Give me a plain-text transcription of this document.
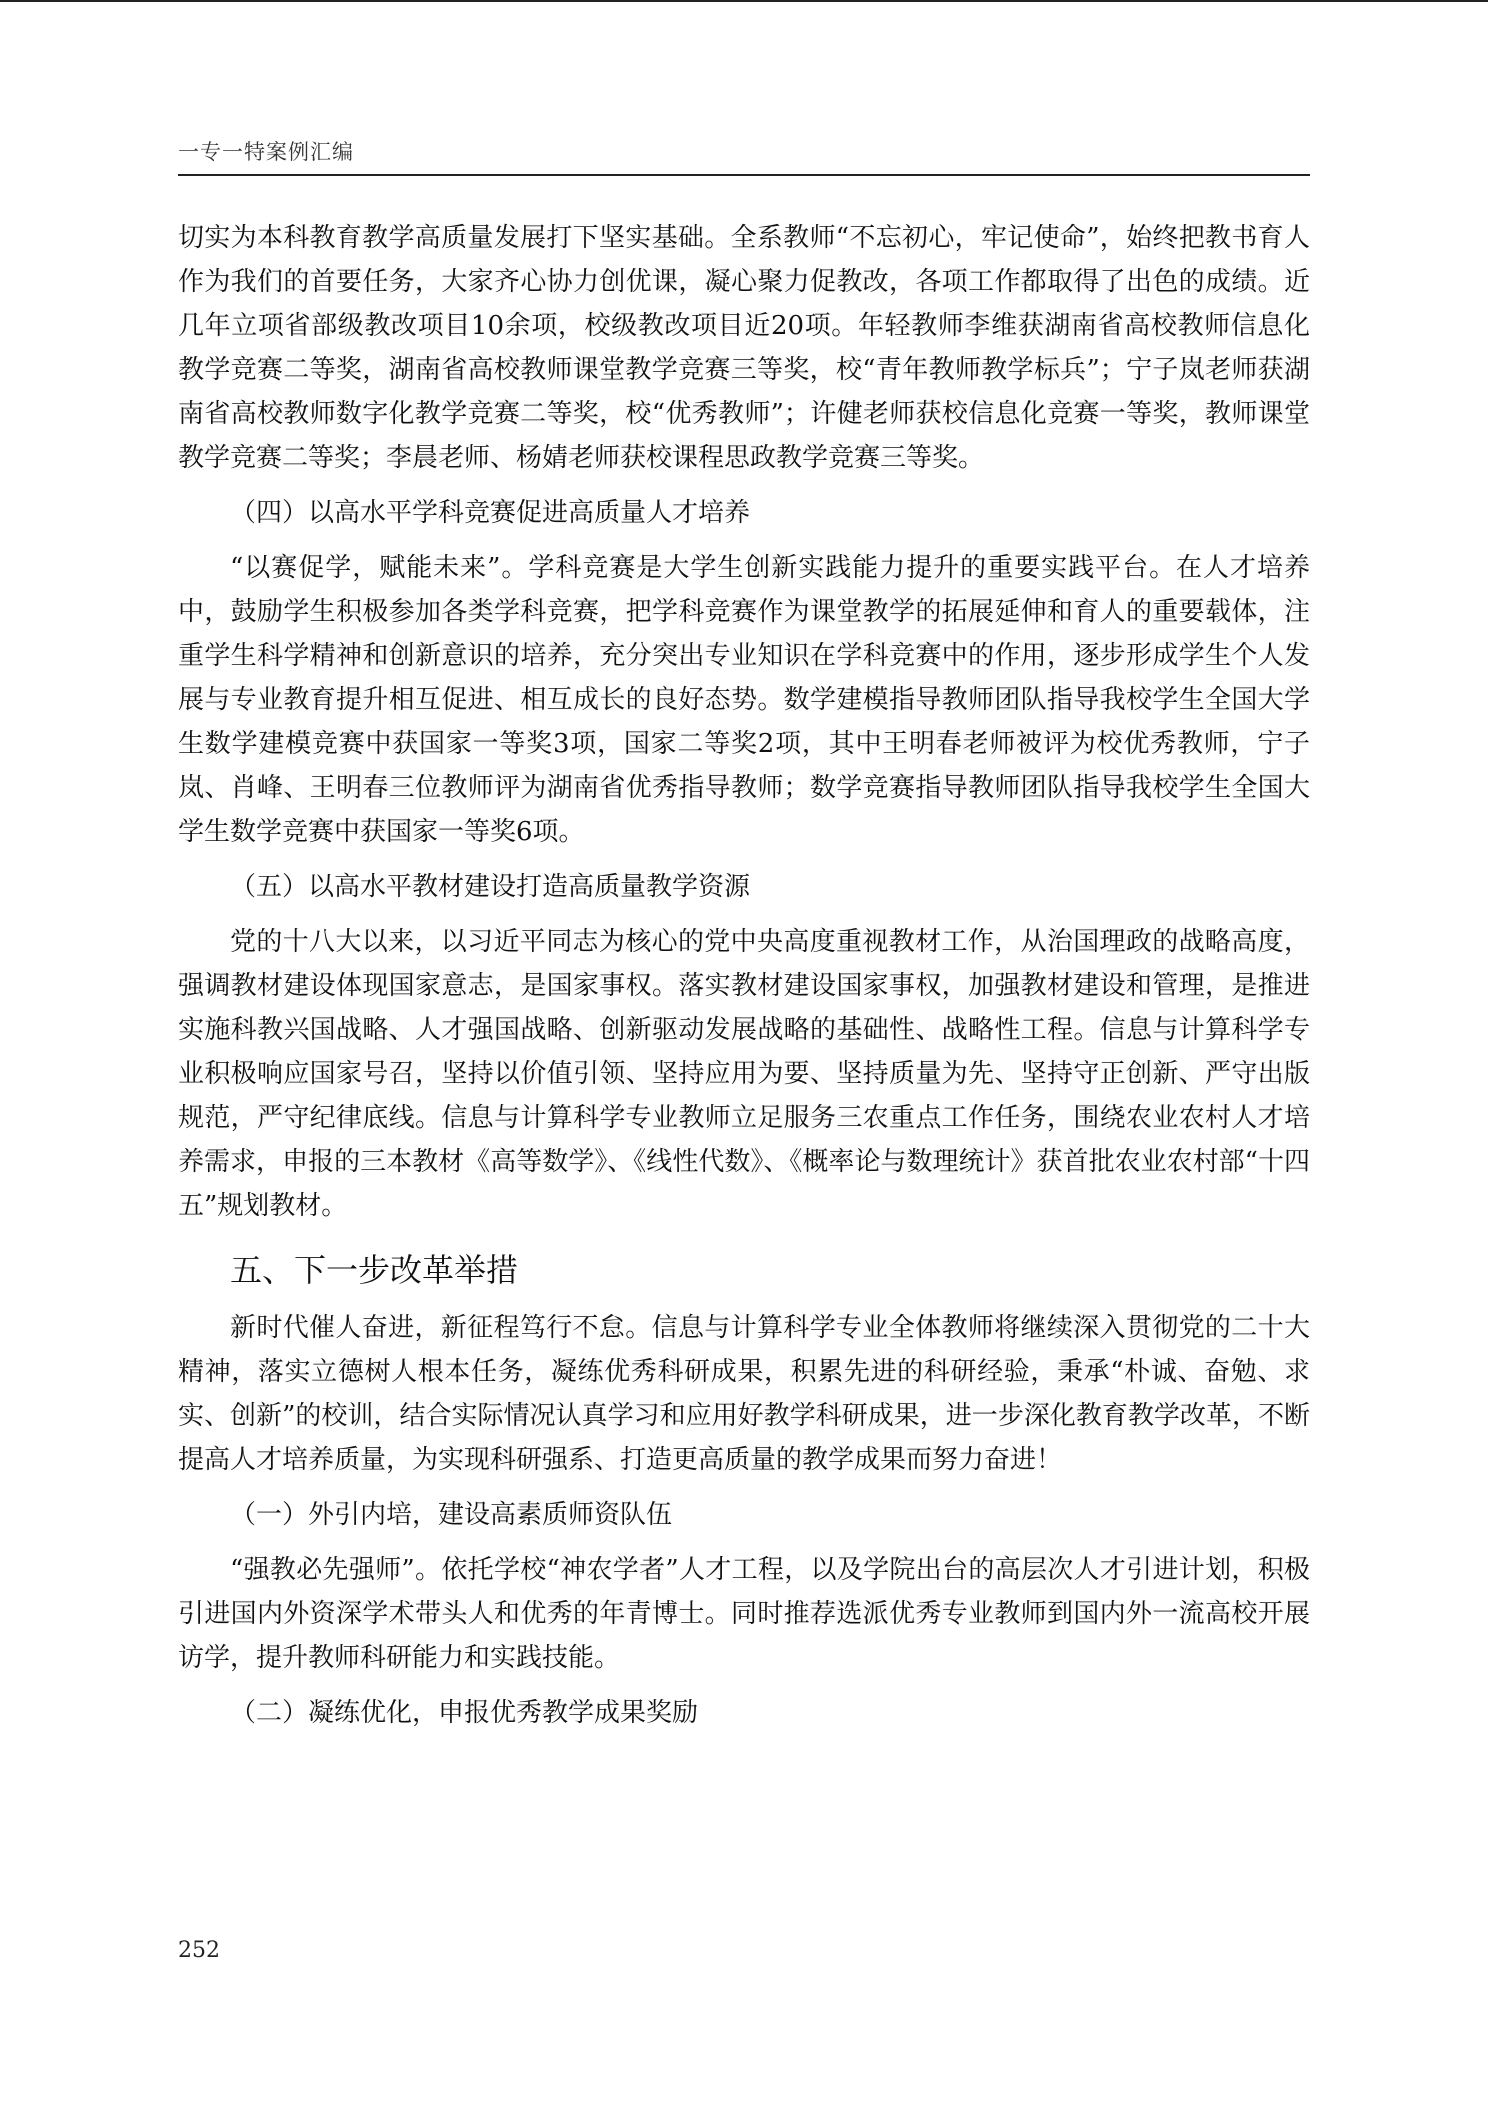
一专一特案例汇编

切实为本科教育教学高质量发展打下坚实基础。全系教师“不忘初心，牢记使命”，始终把教书育人作为我们的首要任务，大家齐心协力创优课，凝心聚力促教改，各项工作都取得了出色的成绩。近几年立项省部级教改项目10余项，校级教改项目近20项。年轻教师李维获湖南省高校教师信息化教学竞赛二等奖，湖南省高校教师课堂教学竞赛三等奖，校“青年教师教学标兵”；宁子岚老师获湖南省高校教师数字化教学竞赛二等奖，校“优秀教师”；许健老师获校信息化竞赛一等奖，教师课堂教学竞赛二等奖；李晨老师、杨婧老师获校课程思政教学竞赛三等奖。

（四）以高水平学科竞赛促进高质量人才培养

“以赛促学，赋能未来”。学科竞赛是大学生创新实践能力提升的重要实践平台。在人才培养中，鼓励学生积极参加各类学科竞赛，把学科竞赛作为课堂教学的拓展延伸和育人的重要载体，注重学生科学精神和创新意识的培养，充分突出专业知识在学科竞赛中的作用，逐步形成学生个人发展与专业教育提升相互促进、相互成长的良好态势。数学建模指导教师团队指导我校学生全国大学生数学建模竞赛中获国家一等奖3项，国家二等奖2项，其中王明春老师被评为校优秀教师，宁子岚、肖峰、王明春三位教师评为湖南省优秀指导教师；数学竞赛指导教师团队指导我校学生全国大学生数学竞赛中获国家一等奖6项。

（五）以高水平教材建设打造高质量教学资源

党的十八大以来，以习近平同志为核心的党中央高度重视教材工作，从治国理政的战略高度，强调教材建设体现国家意志，是国家事权。落实教材建设国家事权，加强教材建设和管理，是推进实施科教兴国战略、人才强国战略、创新驱动发展战略的基础性、战略性工程。信息与计算科学专业积极响应国家号召，坚持以价值引领、坚持应用为要、坚持质量为先、坚持守正创新、严守出版规范，严守纪律底线。信息与计算科学专业教师立足服务三农重点工作任务，围绕农业农村人才培养需求，申报的三本教材《高等数学》、《线性代数》、《概率论与数理统计》获首批农业农村部“十四五”规划教材。

五、下一步改革举措

新时代催人奋进，新征程笃行不怠。信息与计算科学专业全体教师将继续深入贯彻党的二十大精神，落实立德树人根本任务，凝练优秀科研成果，积累先进的科研经验，秉承“朴诚、奋勉、求实、创新”的校训，结合实际情况认真学习和应用好教学科研成果，进一步深化教育教学改革，不断提高人才培养质量，为实现科研强系、打造更高质量的教学成果而努力奋进！

（一）外引内培，建设高素质师资队伍

“强教必先强师”。依托学校“神农学者”人才工程，以及学院出台的高层次人才引进计划，积极引进国内外资深学术带头人和优秀的年青博士。同时推荐选派优秀专业教师到国内外一流高校开展访学，提升教师科研能力和实践技能。

（二）凝练优化，申报优秀教学成果奖励
252
